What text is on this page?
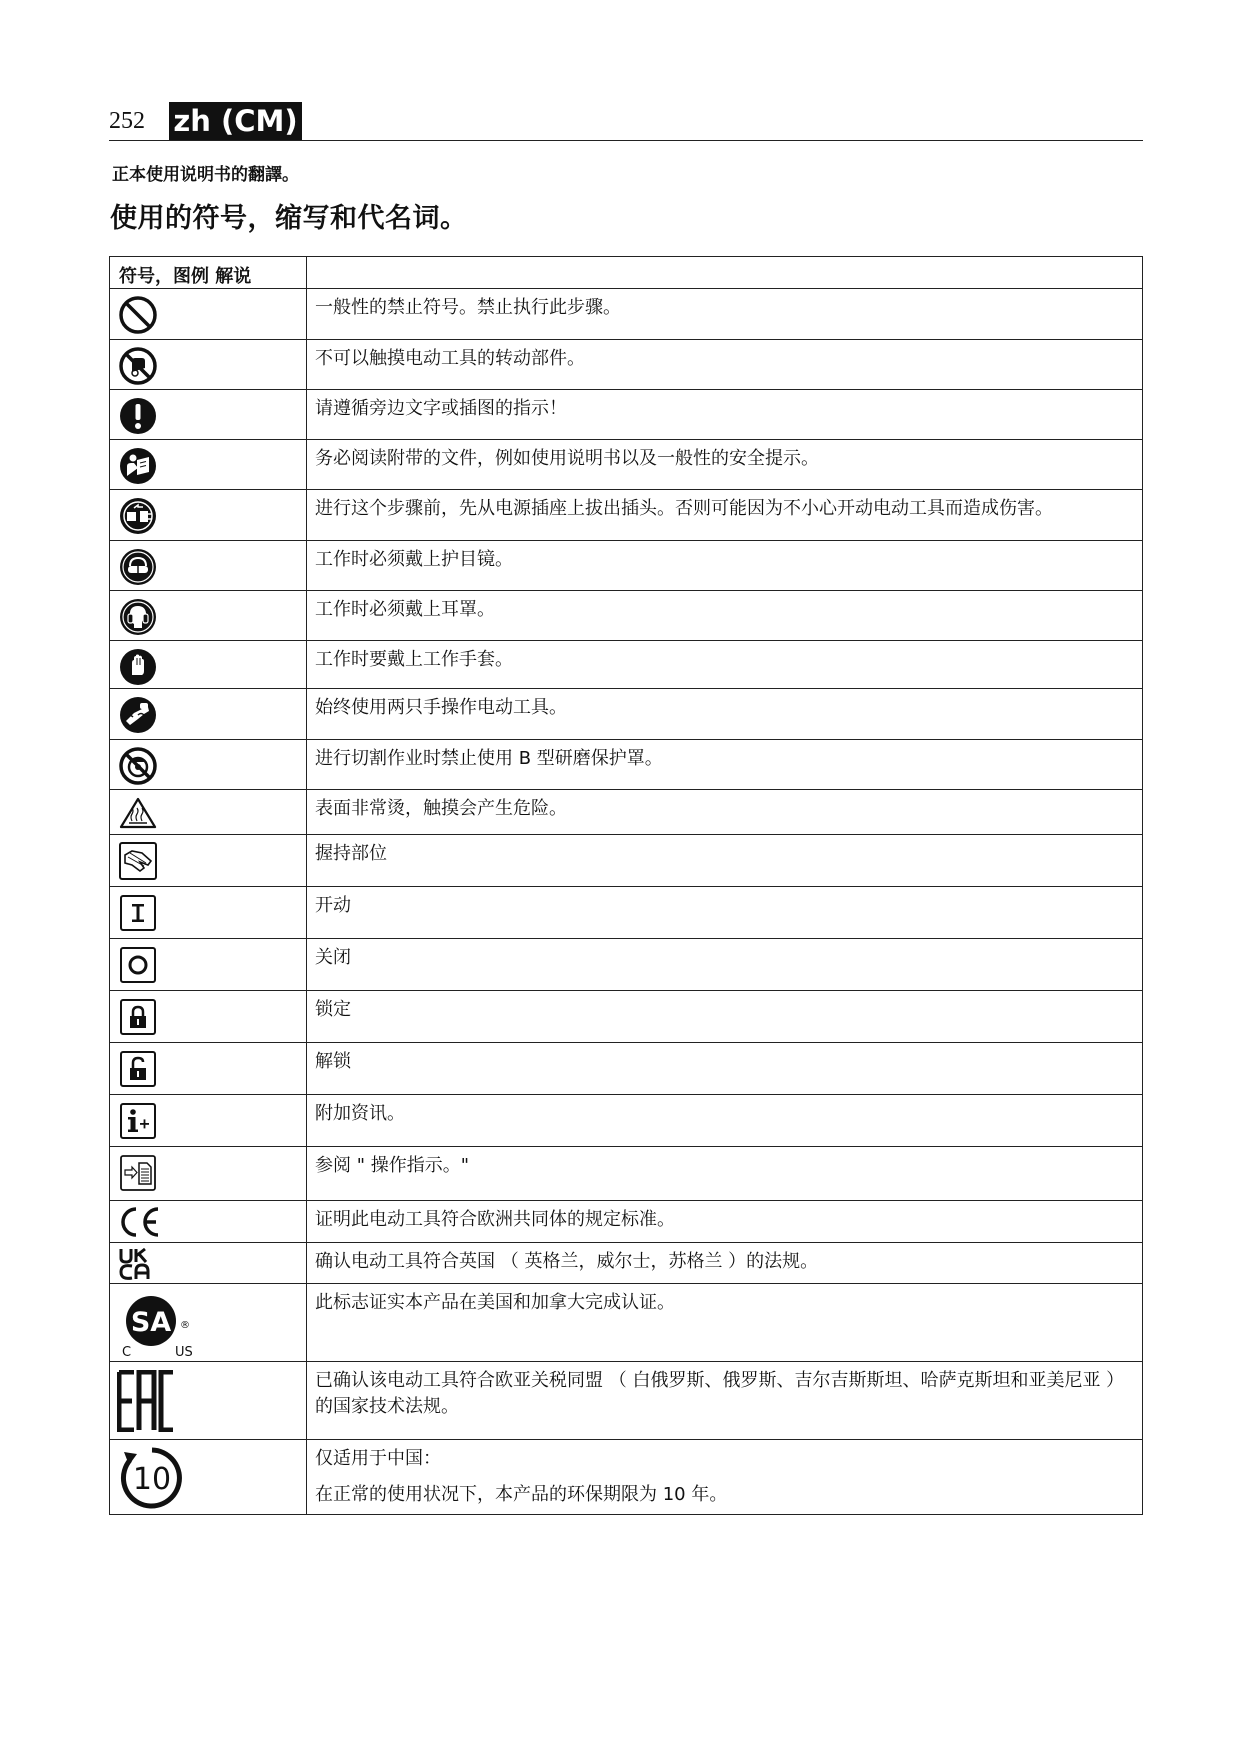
252 zh (CM)
正本使用说明书的翻譯。
使用的符号，缩写和代名词。
符号，图例 解说	

	一般性的禁止符号。禁止执行此步骤。

	不可以触摸电动工具的转动部件。

	请遵循旁边文字或插图的指示！

	务必阅读附带的文件，例如使用说明书以及一般性的安全提示。

	进行这个步骤前，先从电源插座上拔出插头。否则可能因为不小心开动电动工具而造成伤害。

	工作时必须戴上护目镜。

	工作时必须戴上耳罩。

	工作时要戴上工作手套。

	始终使用两只手操作电动工具。

	进行切割作业时禁止使用 B 型研磨保护罩。

	表面非常烫，触摸会产生危险。

	握持部位

	开动

	关闭

	锁定

	解锁

	附加资讯。

	参阅 " 操作指示。"

	证明此电动工具符合欧洲共同体的规定标准。

	确认电动工具符合英国 （ 英格兰，威尔士，苏格兰 ）的法规。

SA ®
C US	此标志证实本产品在美国和加拿大完成认证。

	已确认该电动工具符合欧亚关税同盟 （ 白俄罗斯、俄罗斯、吉尔吉斯斯坦、哈萨克斯坦和亚美尼亚 ）的国家技术法规。

10	仅适用于中国：
在正常的使用状况下，本产品的环保期限为 10 年。
